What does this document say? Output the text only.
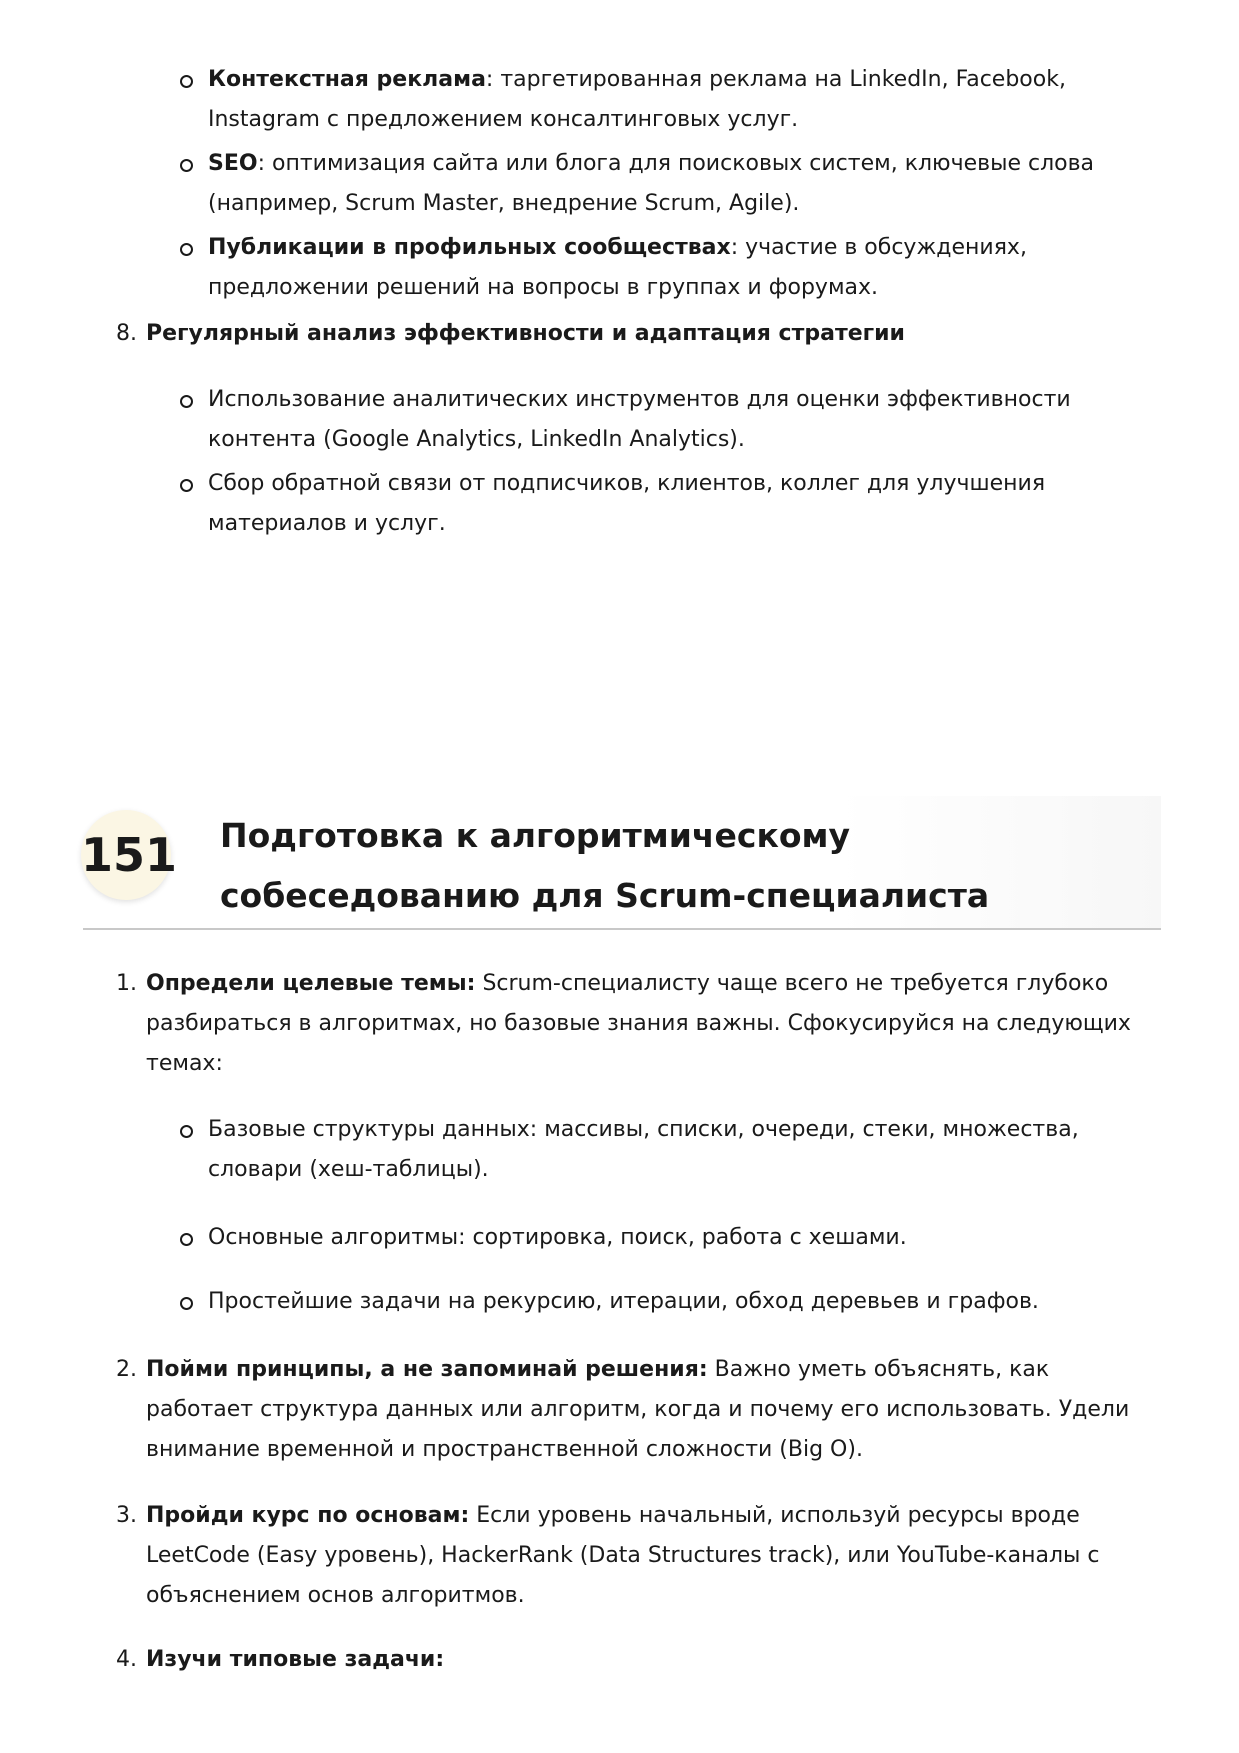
Контекстная реклама: таргетированная реклама на LinkedIn, Facebook, Instagram с предложением консалтинговых услуг.
SEO: оптимизация сайта или блога для поисковых систем, ключевые слова (например, Scrum Master, внедрение Scrum, Agile).
Публикации в профильных сообществах: участие в обсуждениях, предложении решений на вопросы в группах и форумах.
8. Регулярный анализ эффективности и адаптация стратегии
Использование аналитических инструментов для оценки эффективности контента (Google Analytics, LinkedIn Analytics).
Сбор обратной связи от подписчиков, клиентов, коллег для улучшения материалов и услуг.
151 Подготовка к алгоритмическому собеседованию для Scrum-специалиста
1. Определи целевые темы: Scrum-специалисту чаще всего не требуется глубоко разбираться в алгоритмах, но базовые знания важны. Сфокусируйся на следующих темах:
Базовые структуры данных: массивы, списки, очереди, стеки, множества, словари (хеш-таблицы).
Основные алгоритмы: сортировка, поиск, работа с хешами.
Простейшие задачи на рекурсию, итерации, обход деревьев и графов.
2. Пойми принципы, а не запоминай решения: Важно уметь объяснять, как работает структура данных или алгоритм, когда и почему его использовать. Удели внимание временной и пространственной сложности (Big O).
3. Пройди курс по основам: Если уровень начальный, используй ресурсы вроде LeetCode (Easy уровень), HackerRank (Data Structures track), или YouTube-каналы с объяснением основ алгоритмов.
4. Изучи типовые задачи:
